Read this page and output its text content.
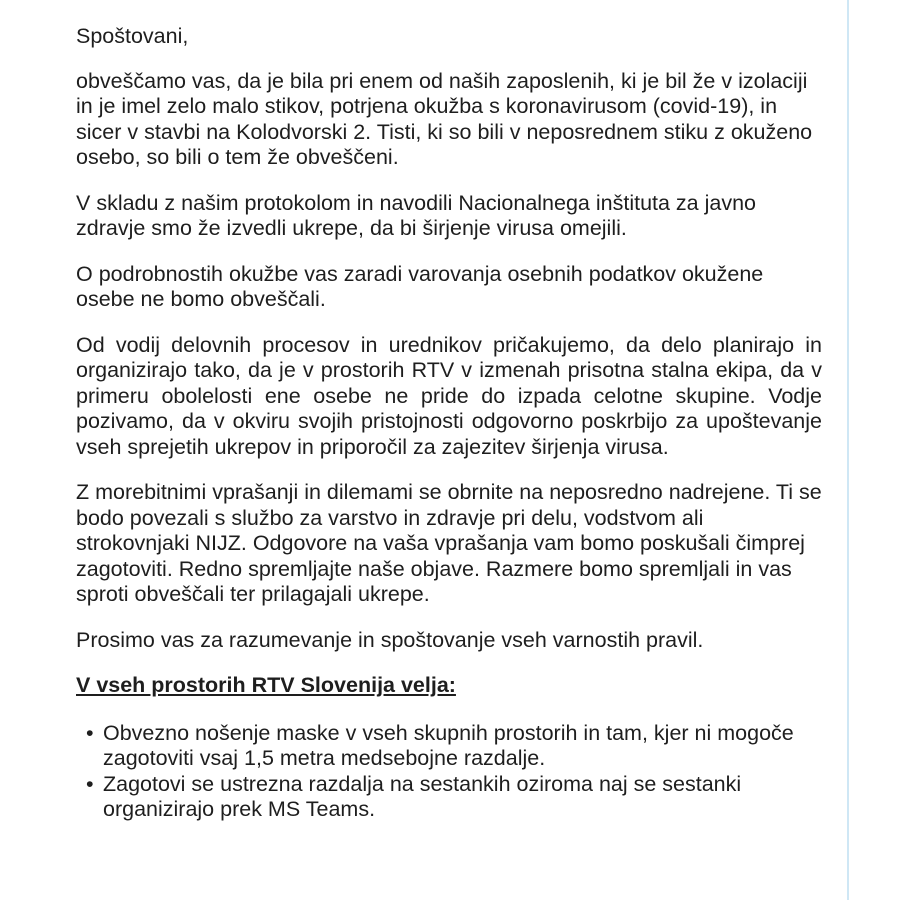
Spoštovani,

obveščamo vas, da je bila pri enem od naših zaposlenih, ki je bil že v izolaciji in je imel zelo malo stikov, potrjena okužba s koronavirusom (covid-19), in sicer v stavbi na Kolodvorski 2. Tisti, ki so bili v neposrednem stiku z okuženo osebo, so bili o tem že obveščeni.

V skladu z našim protokolom in navodili Nacionalnega inštituta za javno zdravje smo že izvedli ukrepe, da bi širjenje virusa omejili.

O podrobnostih okužbe vas zaradi varovanja osebnih podatkov okužene osebe ne bomo obveščali.

Od vodij delovnih procesov in urednikov pričakujemo, da delo planirajo in organizirajo tako, da je v prostorih RTV v izmenah prisotna stalna ekipa, da v primeru obolelosti ene osebe ne pride do izpada celotne skupine. Vodje pozivamo, da v okviru svojih pristojnosti odgovorno poskrbijo za upoštevanje vseh sprejetih ukrepov in priporočil za zajezitev širjenja virusa.

Z morebitnimi vprašanji in dilemami se obrnite na neposredno nadrejene. Ti se bodo povezali s službo za varstvo in zdravje pri delu, vodstvom ali strokovnjaki NIJZ. Odgovore na vaša vprašanja vam bomo poskušali čimprej zagotoviti. Redno spremljajte naše objave. Razmere bomo spremljali in vas sproti obveščali ter prilagajali ukrepe.

Prosimo vas za razumevanje in spoštovanje vseh varnostih pravil.

V vseh prostorih RTV Slovenija velja:
• Obvezno nošenje maske v vseh skupnih prostorih in tam, kjer ni mogoče zagotoviti vsaj 1,5 metra medsebojne razdalje.
• Zagotovi se ustrezna razdalja na sestankih oziroma naj se sestanki organizirajo prek MS Teams.
